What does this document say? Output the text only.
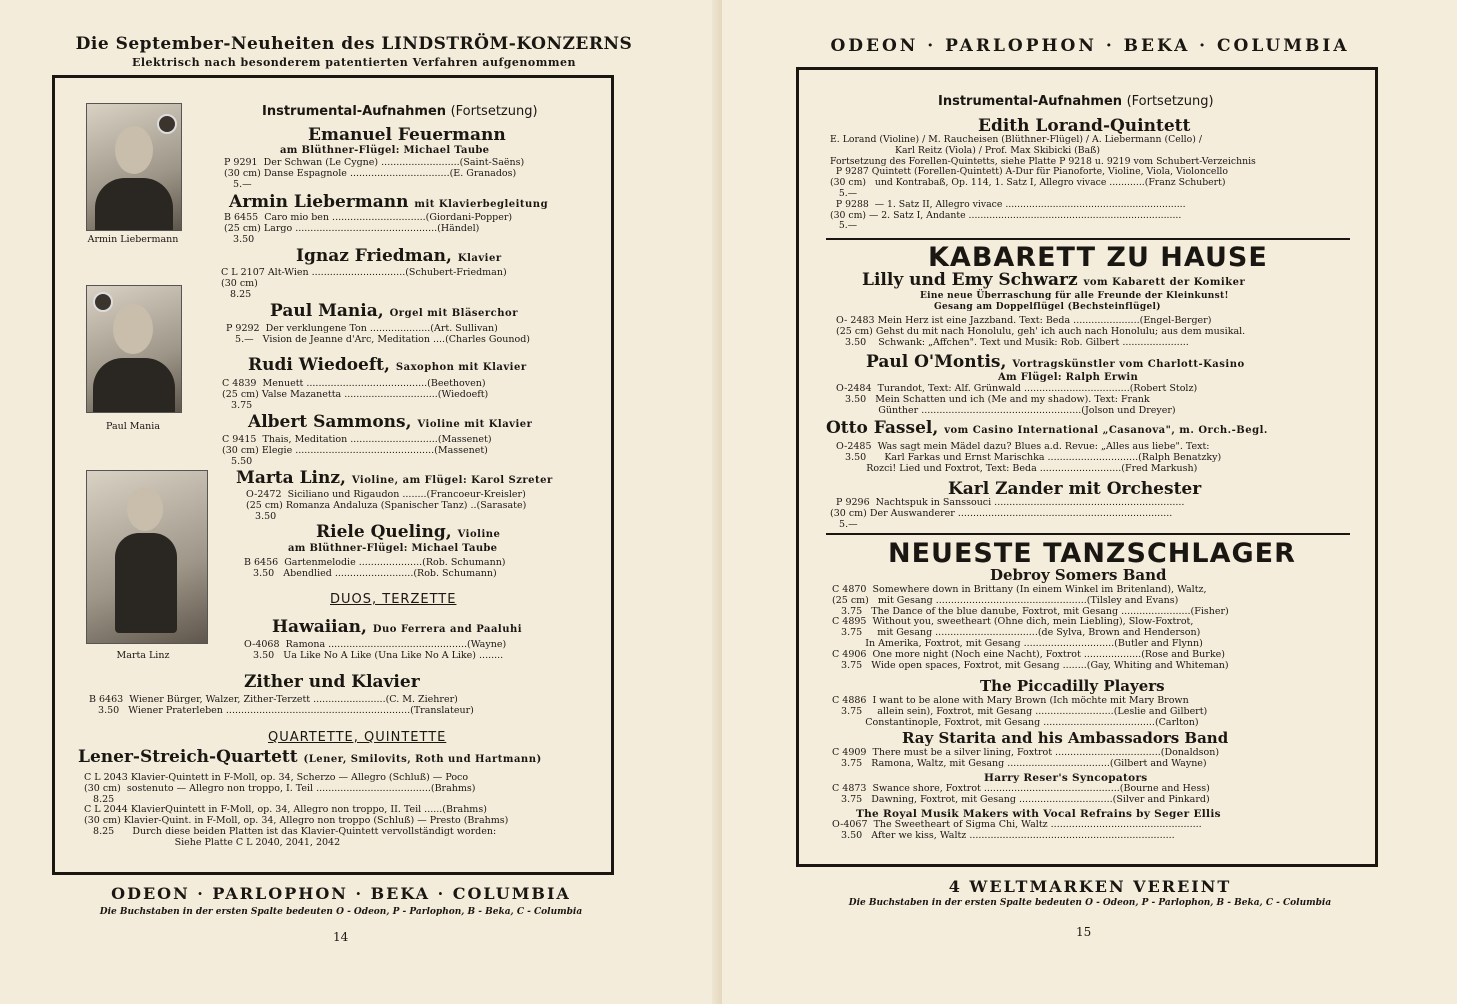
Die September-Neuheiten des LINDSTRÖM-KONZERNS
Elektrisch nach besonderem patentierten Verfahren aufgenommen
Armin Liebermann
Paul Mania
Marta Linz
Instrumental-Aufnahmen (Fortsetzung)
Emanuel Feuermann
am Blüthner-Flügel: Michael Taube
P 9291  Der Schwan (Le Cygne) ..........................(Saint-Saëns)
(30 cm) Danse Espagnole .................................(E. Granados)
5.—
Armin Liebermann mit Klavierbegleitung
B 6455  Caro mio ben ...............................(Giordani-Popper)
(25 cm) Largo ...............................................(Händel)
3.50
Ignaz Friedman, Klavier
C L 2107 Alt-Wien ...............................(Schubert-Friedman)
(30 cm)
8.25
Paul Mania, Orgel mit Bläserchor
P 9292  Der verklungene Ton ....................(Art. Sullivan)
5.—   Vision de Jeanne d'Arc, Meditation ....(Charles Gounod)
Rudi Wiedoeft, Saxophon mit Klavier
C 4839  Menuett ........................................(Beethoven)
(25 cm) Valse Mazanetta ...............................(Wiedoeft)
3.75
Albert Sammons, Violine mit Klavier
C 9415  Thais, Meditation .............................(Massenet)
(30 cm) Elegie ..............................................(Massenet)
5.50
Marta Linz, Violine, am Flügel: Karol Szreter
O-2472  Siciliano und Rigaudon ........(Francoeur-Kreisler)
(25 cm) Romanza Andaluza (Spanischer Tanz) ..(Sarasate)
3.50
Riele Queling, Violine
am Blüthner-Flügel: Michael Taube
B 6456  Gartenmelodie .....................(Rob. Schumann)
3.50   Abendlied ..........................(Rob. Schumann)
DUOS, TERZETTE
Hawaiian, Duo Ferrera and Paaluhi
O-4068  Ramona ..............................................(Wayne)
3.50   Ua Like No A Like (Una Like No A Like) ........
Zither und Klavier
B 6463  Wiener Bürger, Walzer, Zither-Terzett ........................(C. M. Ziehrer)
3.50   Wiener Praterleben .............................................................(Translateur)
QUARTETTE, QUINTETTE
Lener-Streich-Quartett (Lener, Smilovits, Roth und Hartmann)
C L 2043 Klavier-Quintett in F-Moll, op. 34, Scherzo — Allegro (Schluß) — Poco
(30 cm)  sostenuto — Allegro non troppo, I. Teil ......................................(Brahms)
8.25
C L 2044 KlavierQuintett in F-Moll, op. 34, Allegro non troppo, II. Teil ......(Brahms)
(30 cm) Klavier-Quint. in F-Moll, op. 34, Allegro non troppo (Schluß) — Presto (Brahms)
8.25      Durch diese beiden Platten ist das Klavier-Quintett vervollständigt worden:
Siehe Platte C L 2040, 2041, 2042
ODEON · PARLOPHON · BEKA · COLUMBIA
Die Buchstaben in der ersten Spalte bedeuten O - Odeon, P - Parlophon, B - Beka, C - Columbia
14
ODEON · PARLOPHON · BEKA · COLUMBIA
Instrumental-Aufnahmen (Fortsetzung)
Edith Lorand-Quintett
E. Lorand (Violine) / M. Raucheisen (Blüthner-Flügel) / A. Liebermann (Cello) /
Karl Reitz (Viola) / Prof. Max Skibicki (Baß)
Fortsetzung des Forellen-Quintetts, siehe Platte P 9218 u. 9219 vom Schubert-Verzeichnis
P 9287 Quintett (Forellen-Quintett) A-Dur für Pianoforte, Violine, Viola, Violoncello
(30 cm)   und Kontrabaß, Op. 114, 1. Satz I, Allegro vivace ............(Franz Schubert)
5.—
P 9288  — 1. Satz II, Allegro vivace .............................................................
(30 cm) — 2. Satz I, Andante ........................................................................
5.—
KABARETT ZU HAUSE
Lilly und Emy Schwarz vom Kabarett der Komiker
Eine neue Überraschung für alle Freunde der Kleinkunst!
Gesang am Doppelflügel (Bechsteinflügel)
O- 2483 Mein Herz ist eine Jazzband. Text: Beda ......................(Engel-Berger)
(25 cm) Gehst du mit nach Honolulu, geh' ich auch nach Honolulu; aus dem musikal.
3.50    Schwank: „Affchen". Text und Musik: Rob. Gilbert ......................
Paul O'Montis, Vortragskünstler vom Charlott-Kasino
Am Flügel: Ralph Erwin
O-2484  Turandot, Text: Alf. Grünwald ...................................(Robert Stolz)
3.50   Mein Schatten und ich (Me and my shadow). Text: Frank
Günther .....................................................(Jolson und Dreyer)
Otto Fassel, vom Casino International „Casanova", m. Orch.-Begl.
O-2485  Was sagt mein Mädel dazu? Blues a.d. Revue: „Alles aus liebe". Text:
3.50      Karl Farkas und Ernst Marischka ..............................(Ralph Benatzky)
Rozci! Lied und Foxtrot, Text: Beda ...........................(Fred Markush)
Karl Zander mit Orchester
P 9296  Nachtspuk in Sanssouci ...............................................................
(30 cm) Der Auswanderer .......................................................................
5.—
NEUESTE TANZSCHLAGER
Debroy Somers Band
C 4870  Somewhere down in Brittany (In einem Winkel im Britenland), Waltz,
(25 cm)   mit Gesang ..................................................(Tilsley and Evans)
3.75   The Dance of the blue danube, Foxtrot, mit Gesang .......................(Fisher)
C 4895  Without you, sweetheart (Ohne dich, mein Liebling), Slow-Foxtrot,
3.75     mit Gesang ..................................(de Sylva, Brown and Henderson)
In Amerika, Foxtrot, mit Gesang ..............................(Butler and Flynn)
C 4906  One more night (Noch eine Nacht), Foxtrot ...................(Rose and Burke)
3.75   Wide open spaces, Foxtrot, mit Gesang ........(Gay, Whiting and Whiteman)
The Piccadilly Players
C 4886  I want to be alone with Mary Brown (Ich möchte mit Mary Brown
3.75     allein sein), Foxtrot, mit Gesang ..........................(Leslie and Gilbert)
Constantinople, Foxtrot, mit Gesang .....................................(Carlton)
Ray Starita and his Ambassadors Band
C 4909  There must be a silver lining, Foxtrot ...................................(Donaldson)
3.75   Ramona, Waltz, mit Gesang ..................................(Gilbert and Wayne)
Harry Reser's Syncopators
C 4873  Swance shore, Foxtrot .............................................(Bourne and Hess)
3.75   Dawning, Foxtrot, mit Gesang ...............................(Silver and Pinkard)
The Royal Musik Makers with Vocal Refrains by Seger Ellis
O-4067  The Sweetheart of Sigma Chi, Waltz ..................................................
3.50   After we kiss, Waltz ....................................................................
4 WELTMARKEN VEREINT
Die Buchstaben in der ersten Spalte bedeuten O - Odeon, P - Parlophon, B - Beka, C - Columbia
15
